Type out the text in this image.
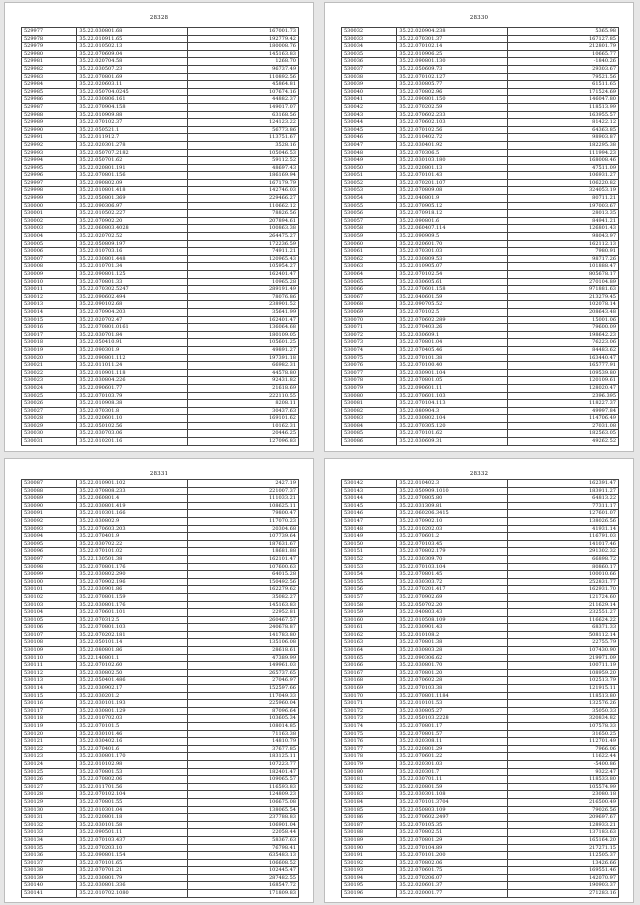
28328
529977	35.22.030801.68	167001.73
529978	35.22.010911.65	192779.42
529979	35.22.010502.13	180008.76
529980	35.22.070609.04	145163.83
529981	35.22.020704.58	1268.70
529982	35.22.030507.23	96737.49
529983	35.22.070801.69	110892.56
529984	35.22.020603.11	45864.81
529985	35.22.050704.0245	107674.16
529986	35.22.030806.161	44882.37
529987	35.22.070904.158	149017.07
529988	35.22.010909.88	63168.56
529989	35.22.070102.37	124123.22
529990	35.22.050521.1	56773.86
529991	35.22.011912.7	113751.67
529992	35.22.020301.278	3528.16
529993	35.22.050707.2182	105046.53
529994	35.22.050701.62	59112.52
529995	35.22.020801.191	48697.43
529996	35.22.070801.156	186169.94
529997	35.22.090802.09	167179.79
529998	35.22.010801.418	142746.03
529999	35.22.050801.369	229466.27
530000	35.22.090306.97	110662.12
530001	35.22.010502.227	78826.56
530002	35.22.070902.20	207894.61
530003	35.22.060803.4028	100863.38
530004	35.22.020702.52	264475.27
530005	35.22.050809.197	172236.59
530006	35.22.010703.16	74911.21
530007	35.22.030801.448	120965.43
530008	35.22.010701.34	105954.27
530009	35.22.090801.125	162401.47
530010	35.22.070801.33	10965.28
530011	35.22.070302.5247	289191.49
530012	35.22.090602.494	78076.86
530013	35.22.090102.68	238901.52
530014	35.22.070904.203	35641.99
530015	35.22.020702.47	162401.47
530016	35.22.070801.0161	136064.68
530017	35.22.030701.84	180109.05
530018	35.22.050410.91	105601.25
530019	35.22.090301.9	49891.27
530020	35.22.090801.112	197391.18
530021	35.22.011011.24	66982.31
530022	35.22.010901.118	44578.80
530023	35.22.030804.226	92431.82
530024	35.22.090601.77	21618.69
530025	35.22.070103.79	222110.55
530026	35.22.010908.38	8208.11
530027	35.22.070301.8	30437.63
530028	35.22.020601.10	169101.62
530029	35.22.050102.56	10162.31
530030	35.22.030703.06	20446.25
530031	35.22.010201.16	127096.83
28330
530032	35.22.020904.238	5365.98
530033	35.22.070301.37	167127.85
530034	35.22.070102.14	212801.79
530035	35.22.010906.25	10665.77
530036	35.22.090801.130	-1840.26
530037	35.22.050609.73	29303.67
530038	35.22.070102.127	79521.56
530039	35.22.030805.77	61511.65
530040	35.22.070802.96	171524.69
530041	35.22.090801.150	146047.80
530042	35.22.070202.59	118513.99
530043	35.22.070602.233	163955.57
530044	35.22.070602.103	81422.12
530045	35.22.070102.56	64363.85
530046	35.22.010402.72	98903.87
530047	35.22.030401.92	182295.38
530048	35.22.070306.5	111994.23
530049	35.22.030103.180	168008.46
530050	35.22.020801.13	47511.09
530051	35.22.070101.43	106931.27
530052	35.22.070201.107	106220.82
530053	35.22.070809.08	324053.19
530054	35.22.040801.9	80711.21
530055	35.22.070905.12	197003.67
530056	35.22.070918.12	28013.35
530057	35.22.090801.6	84941.21
530058	35.22.060407.114	126801.43
530059	35.22.090909.5	98043.97
530060	35.22.020601.70	162112.13
530061	35.22.070301.03	7980.91
530062	35.22.030809.53	98717.26
530063	35.22.010905.07	101888.47
530064	35.22.070102.54	805678.17
530065	35.22.030605.61	270104.89
530066	35.22.070601.158	971881.63
530067	35.22.040601.59	213279.45
530068	35.22.090705.52	102078.14
530069	35.22.070102.5	208643.48
530070	35.22.070602.289	15001.06
530071	35.22.070403.26	79600.09
530072	35.22.030609.1	198642.23
530073	35.22.070801.04	76223.06
530074	35.22.070405.46	84483.62
530075	35.22.070101.38	163440.47
530076	35.22.070100.40	165777.91
530077	35.22.030901.104	109539.80
530078	35.22.070801.05	120109.61
530079	35.22.090601.11	128020.47
530080	35.22.070601.103	2396.395
530081	35.22.070104.113	118227.37
530082	35.22.080904.3	49997.84
530083	35.22.030802.104	114706.49
530084	35.22.070305.120	27031.08
530085	35.22.070101.62	182563.05
530086	35.22.030609.31	49262.52
28331
530087	35.22.010901.102	2427.19
530088	35.22.070808.233	221007.37
530089	35.22.060801.4	111033.21
530090	35.22.030801.419	108625.11
530091	35.22.010301.166	79800.47
530092	35.22.030802.9	117070.23
530093	35.22.070603.203	20304.68
530094	35.22.070401.9	107739.64
530095	35.22.030702.22	187631.67
530096	35.22.070101.02	18681.88
530097	35.22.130501.38	162101.47
530098	35.22.070801.176	107600.63
530099	35.22.030802.290	64015.28
530100	35.22.070902.196	150492.56
530101	35.22.030901.86	162279.62
530102	35.22.070801.159	35082.27
530103	35.22.030801.176	145163.83
530104	35.22.070601.101	22952.81
530105	35.22.070312.5	260467.57
530106	35.22.070801.103	240678.87
530107	35.22.070202.181	141783.80
530108	35.22.050101.14	135106.08
530109	35.22.080801.86	28618.61
530110	35.22.140801.1	47389.99
530111	35.22.070102.60	149961.03
530112	35.22.030802.50	265737.65
530113	35.22.050401.486	27046.97
530114	35.22.030902.17	152597.66
530115	35.22.030201.2	117049.33
530116	35.22.030101.193	225960.04
530117	35.22.030801.129	87096.64
530118	35.22.010702.03	103605.34
530119	35.22.070101.5	108014.85
530120	35.22.030101.46	71163.38
530121	35.22.030402.16	14810.79
530122	35.22.070401.6	37677.85
530123	35.22.030801.170	183125.11
530124	35.22.010102.98	107223.77
530125	35.22.070801.53	182401.47
530126	35.22.070802.06	109065.57
530127	35.22.011701.56	116593.83
530128	35.22.070102.104	124809.23
530129	35.22.070801.55	106675.08
530130	35.22.010301.04	138065.54
530131	35.22.020801.18	237788.83
530132	35.22.030101.58	106901.04
530133	35.22.090501.11	22058.44
530134	35.22.070103.437	58367.63
530135	35.22.070203.10	76798.41
530136	35.22.090801.154	635483.13
530137	35.22.070101.65	106608.52
530138	35.22.070701.21	102445.47
530139	35.22.030801.79	287482.55
530140	35.22.030801.336	168547.72
530141	35.22.010702.1080	171809.83
28332
530142	35.22.010402.3	162391.47
530143	35.22.050909.1010	183911.27
530144	35.22.070805.80	64813.22
530145	35.22.031309.81	77311.17
530146	35.22.060206.3415	127601.07
530147	35.22.070902.10	138026.56
530148	35.22.010202.03	41931.14
530149	35.22.070601.2	116791.03
530150	35.22.070103.45	141017.46
530151	35.22.070802.179	291302.32
530152	35.22.030309.70	66898.72
530153	35.22.070103.104	80860.17
530154	35.22.070801.45	100010.66
530155	35.22.030303.72	252831.77
530156	35.22.070201.417	162931.70
530157	35.22.070902.69	121724.60
530158	35.22.050702.20	211629.14
530159	35.22.040803.43	232551.27
530160	35.22.010508.109	116624.22
530161	35.22.030901.43	68371.33
530162	35.22.010108.2	508112.14
530163	35.22.070801.38	22755.79
530164	35.22.030803.28	107430.90
530165	35.22.090306.62	219971.09
530166	35.22.030801.70	100711.19
530167	35.22.070801.20	108959.20
530168	35.22.070602.28	102513.79
530169	35.22.070103.38	121915.11
530170	35.22.070801.1184	118513.80
530171	35.22.010101.53	132576.26
530172	35.22.030805.27	35050.33
530173	35.22.050103.2228	320834.82
530174	35.22.070801.17	107578.33
530175	35.22.070801.57	31650.25
530176	35.22.020308.11	112701.49
530177	35.22.020801.29	7966.06
530178	35.22.070601.22	11622.44
530179	35.22.020301.03	-5400.86
530180	35.22.020301.7	9322.47
530181	35.22.030701.11	118533.80
530182	35.22.020801.59	105574.99
530183	35.22.030301.108	23080.18
530184	35.22.070101.3704	216500.49
530185	35.22.050803.109	79026.56
530186	35.22.070602.2497	209697.67
530187	35.22.070105.35	128933.21
530188	35.22.070802.51	137183.63
530189	35.22.070801.29	165164.20
530190	35.22.070104.89	217271.15
530191	35.22.070101.200	112505.37
530192	35.22.070802.06	13426.66
530193	35.22.070601.75	169551.46
530194	35.22.070206.07	142070.97
530195	35.22.020601.37	190903.37
530196	35.22.020001.77	271283.16
